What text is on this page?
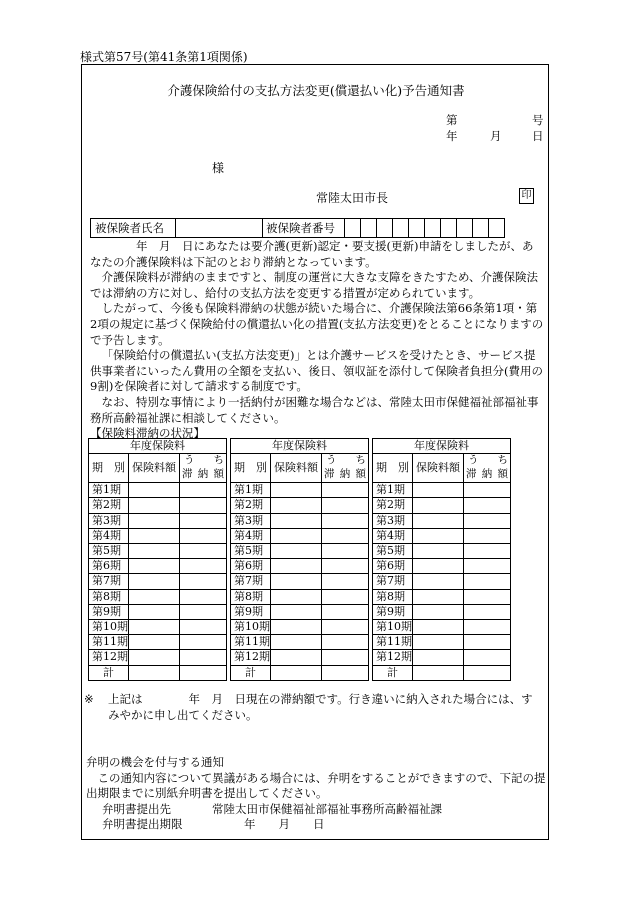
様式第57号(第41条第1項関係)
介護保険給付の支払方法変更(償還払い化)予告通知書
第	号
年	月	日
様
常陸太田市長	印
被保険者氏名		被保険者番号										

年　月　日にあなたは要介護(更新)認定・要支援(更新)申請をしましたが、あなたの介護保険料は下記のとおり滞納となっています。

介護保険料が滞納のままですと、制度の運営に大きな支障をきたすため、介護保険法では滞納の方に対し、給付の支払方法を変更する措置が定められています。

したがって、今後も保険料滞納の状態が続いた場合に、介護保険法第66条第1項・第2項の規定に基づく保険給付の償還払い化の措置(支払方法変更)をとることになりますので予告します。

「保険給付の償還払い(支払方法変更)」とは介護サービスを受けたとき、サービス提供事業者にいったん費用の全額を支払い、後日、領収証を添付して保険者負担分(費用の9割)を保険者に対して請求する制度です。

なお、特別な事情により一括納付が困難な場合などは、常陸太田市保健福祉部福祉事務所高齢福祉課に相談してください。

【保険料滞納の状況】

年度保険料		
期　別	保険料額	う ち
滞 納 額

第1期		
第2期		
第3期		
第4期		
第5期		
第6期		
第7期		
第8期		
第9期		
第10期		
第11期		
第12期		
計		
年度保険料		
期　別	保険料額	う ち
滞 納 額

第1期		
第2期		
第3期		
第4期		
第5期		
第6期		
第7期		
第8期		
第9期		
第10期		
第11期		
第12期		
計		
年度保険料		
期　別	保険料額	う ち
滞 納 額

第1期		
第2期		
第3期		
第4期		
第5期		
第6期		
第7期		
第8期		
第9期		
第10期		
第11期		
第12期		
計		
※	上記は　　　　年　月　日現在の滞納額です。行き違いに納入された場合には、すみやかに申し出てください。

弁明の機会を付与する通知

この通知内容について異議がある場合には、弁明をすることができますので、下記の提出期限までに別紙弁明書を提出してください。

弁明書提出先	常陸太田市保健福祉部福祉事務所高齢福祉課

弁明書提出期限	年　　月　　日
